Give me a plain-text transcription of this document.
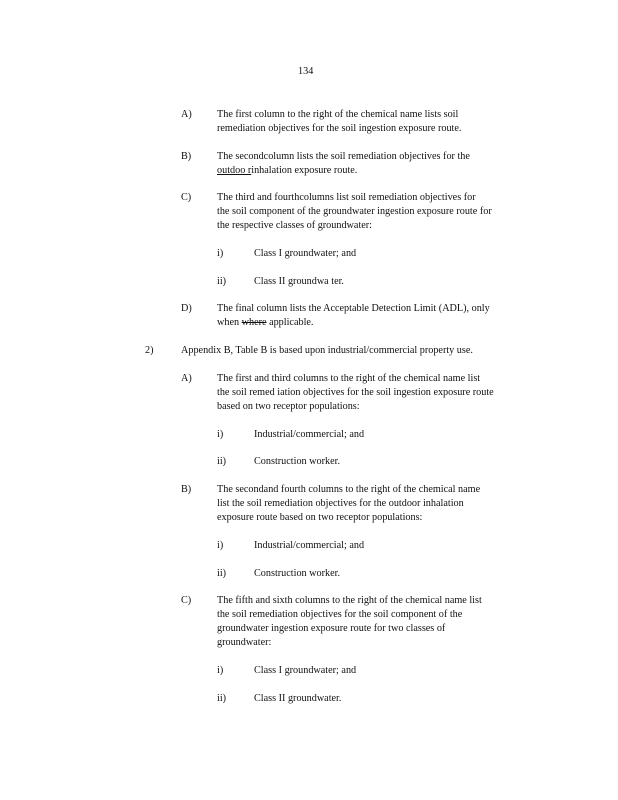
134
A) The first column to the right of the chemical name lists soil
remediation objectives for the soil ingestion exposure route.
B)	The secondcolumn lists the soil remediation objectives for the
outdoo rinhalation exposure route.
C)	The third and fourthcolumns list soil remediation objectives for
the soil component of the groundwater ingestion exposure route for
the respective classes of groundwater:
i)	Class I groundwater; and
ii)	Class II groundwa ter.
D) The final column lists the Acceptable Detection Limit (ADL), only
when where applicable.
2)	Appendix B, Table B is based upon industrial/commercial property use.
A) The first and third columns to the right of the chemical name list
the soil remed iation objectives for the soil ingestion exposure route
based on two receptor populations:
i)	Industrial/commercial; and
ii)	Construction worker.
B)	The secondand fourth columns to the right of the chemical name
list the soil remediation objectives for the outdoor inhalation
exposure route based on two receptor populations:
i)	Industrial/commercial; and
ii)	Construction worker.
C)	The fifth and sixth columns to the right of the chemical name list
the soil remediation objectives for the soil component of the
groundwater ingestion exposure route for two classes of
groundwater:
i)	Class I groundwater; and
ii)	Class II groundwater.
